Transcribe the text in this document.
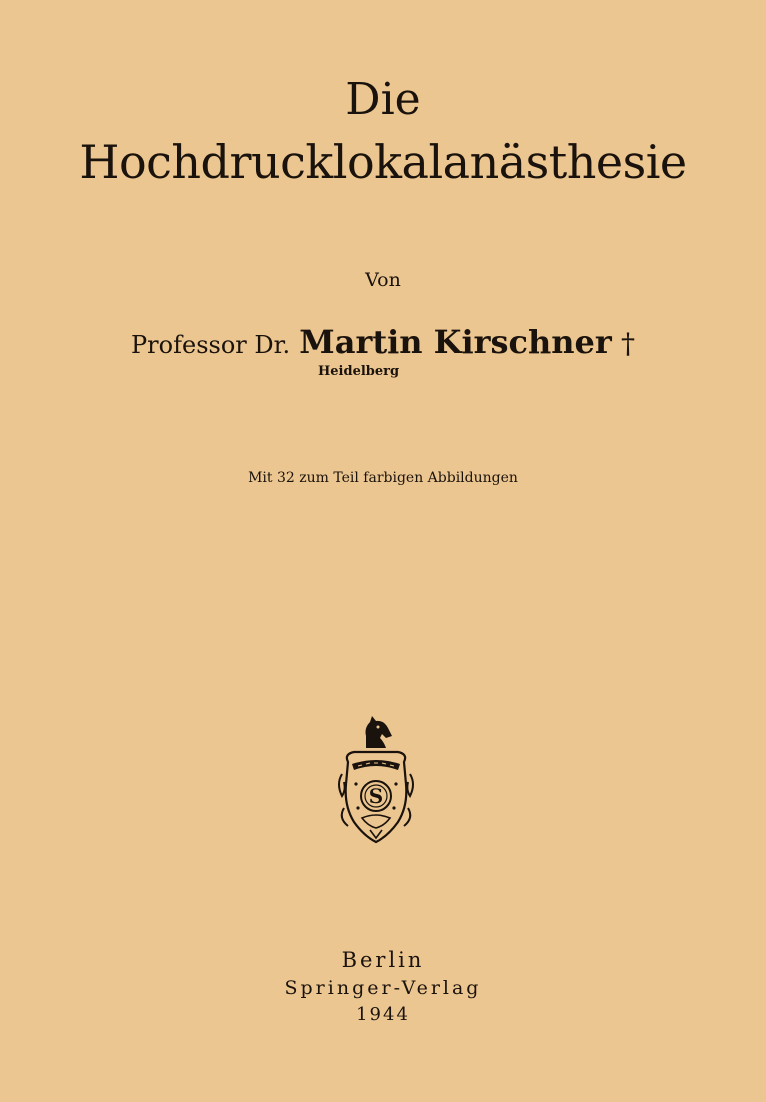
Die
Hochdrucklokalanästhesie
Von
Professor Dr. Martin Kirschner †
Heidelberg
Mit 32 zum Teil farbigen Abbildungen
S
Berlin
Springer-Verlag
1944
